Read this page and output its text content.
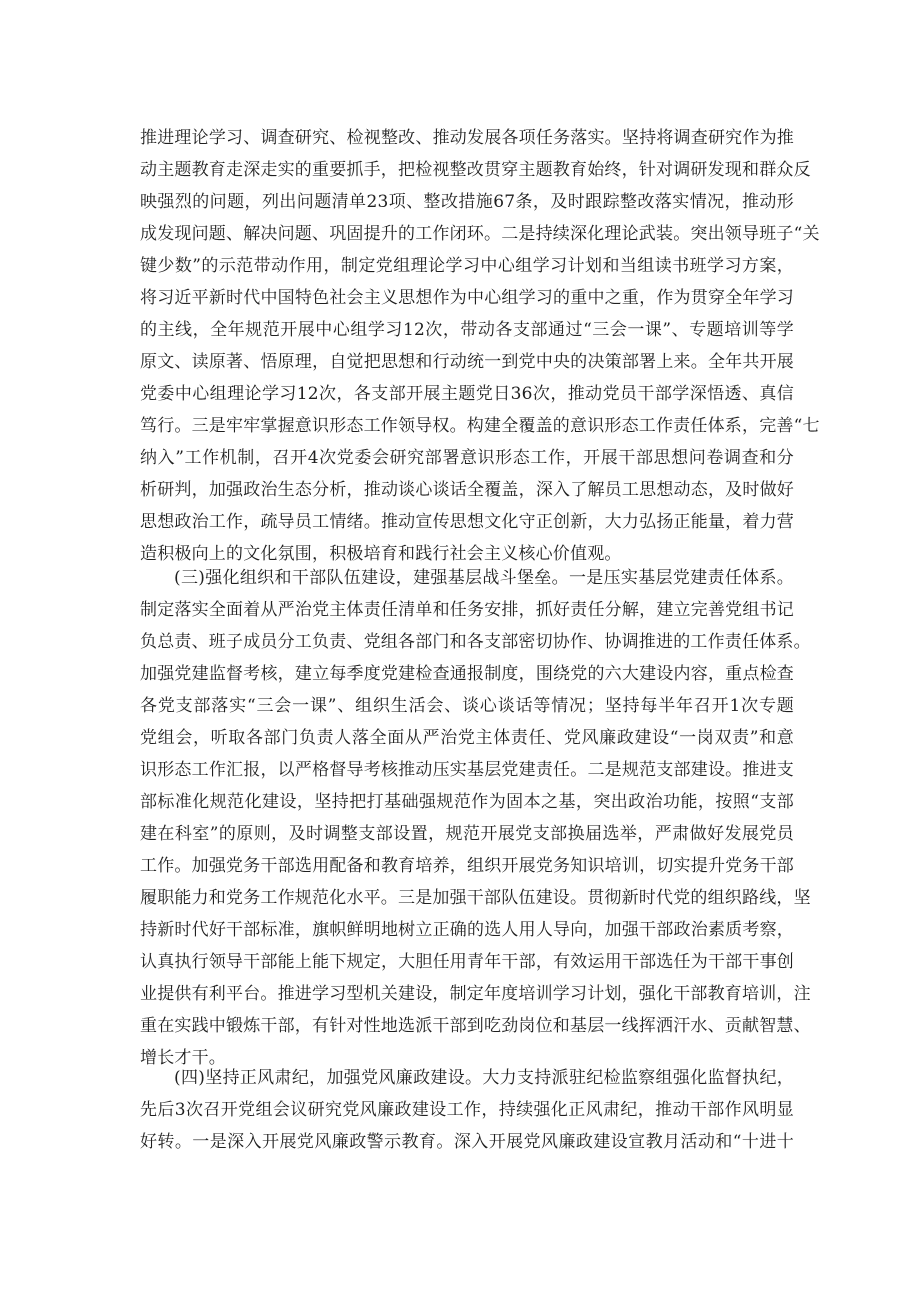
推进理论学习、调查研究、检视整改、推动发展各项任务落实。坚持将调查研究作为推
动主题教育走深走实的重要抓手，把检视整改贯穿主题教育始终，针对调研发现和群众反
映强烈的问题，列出问题清单23项、整改措施67条，及时跟踪整改落实情况，推动形
成发现问题、解决问题、巩固提升的工作闭环。二是持续深化理论武装。突出领导班子“关
键少数”的示范带动作用，制定党组理论学习中心组学习计划和当组读书班学习方案，
将习近平新时代中国特色社会主义思想作为中心组学习的重中之重，作为贯穿全年学习
的主线，全年规范开展中心组学习12次，带动各支部通过“三会一课”、专题培训等学
原文、读原著、悟原理，自觉把思想和行动统一到党中央的决策部署上来。全年共开展
党委中心组理论学习12次，各支部开展主题党日36次，推动党员干部学深悟透、真信
笃行。三是牢牢掌握意识形态工作领导权。构建全覆盖的意识形态工作责任体系，完善“七
纳入”工作机制，召开4次党委会研究部署意识形态工作，开展干部思想问卷调查和分
析研判，加强政治生态分析，推动谈心谈话全覆盖，深入了解员工思想动态，及时做好
思想政治工作，疏导员工情绪。推动宣传思想文化守正创新，大力弘扬正能量，着力营
造积极向上的文化氛围，积极培育和践行社会主义核心价值观。
(三)强化组织和干部队伍建设，建强基层战斗堡垒。一是压实基层党建责任体系。
制定落实全面着从严治党主体责任清单和任务安排，抓好责任分解，建立完善党组书记
负总责、班子成员分工负责、党组各部门和各支部密切协作、协调推进的工作责任体系。
加强党建监督考核，建立每季度党建检查通报制度，围绕党的六大建设内容，重点检查
各党支部落实“三会一课”、组织生活会、谈心谈话等情况；坚持每半年召开1次专题
党组会，听取各部门负责人落全面从严治党主体责任、党风廉政建设“一岗双责”和意
识形态工作汇报，以严格督导考核推动压实基层党建责任。二是规范支部建设。推进支
部标准化规范化建设，坚持把打基础强规范作为固本之基，突出政治功能，按照“支部
建在科室”的原则，及时调整支部设置，规范开展党支部换届选举，严肃做好发展党员
工作。加强党务干部选用配备和教育培养，组织开展党务知识培训，切实提升党务干部
履职能力和党务工作规范化水平。三是加强干部队伍建设。贯彻新时代党的组织路线，坚
持新时代好干部标准，旗帜鲜明地树立正确的选人用人导向，加强干部政治素质考察，
认真执行领导干部能上能下规定，大胆任用青年干部，有效运用干部选任为干部干事创
业提供有利平台。推进学习型机关建设，制定年度培训学习计划，强化干部教育培训，注
重在实践中锻炼干部，有针对性地选派干部到吃劲岗位和基层一线挥洒汗水、贡献智慧、
增长才干。
(四)坚持正风肃纪，加强党风廉政建设。大力支持派驻纪检监察组强化监督执纪，
先后3次召开党组会议研究党风廉政建设工作，持续强化正风肃纪，推动干部作风明显
好转。一是深入开展党风廉政警示教育。深入开展党风廉政建设宣教月活动和“十进十
